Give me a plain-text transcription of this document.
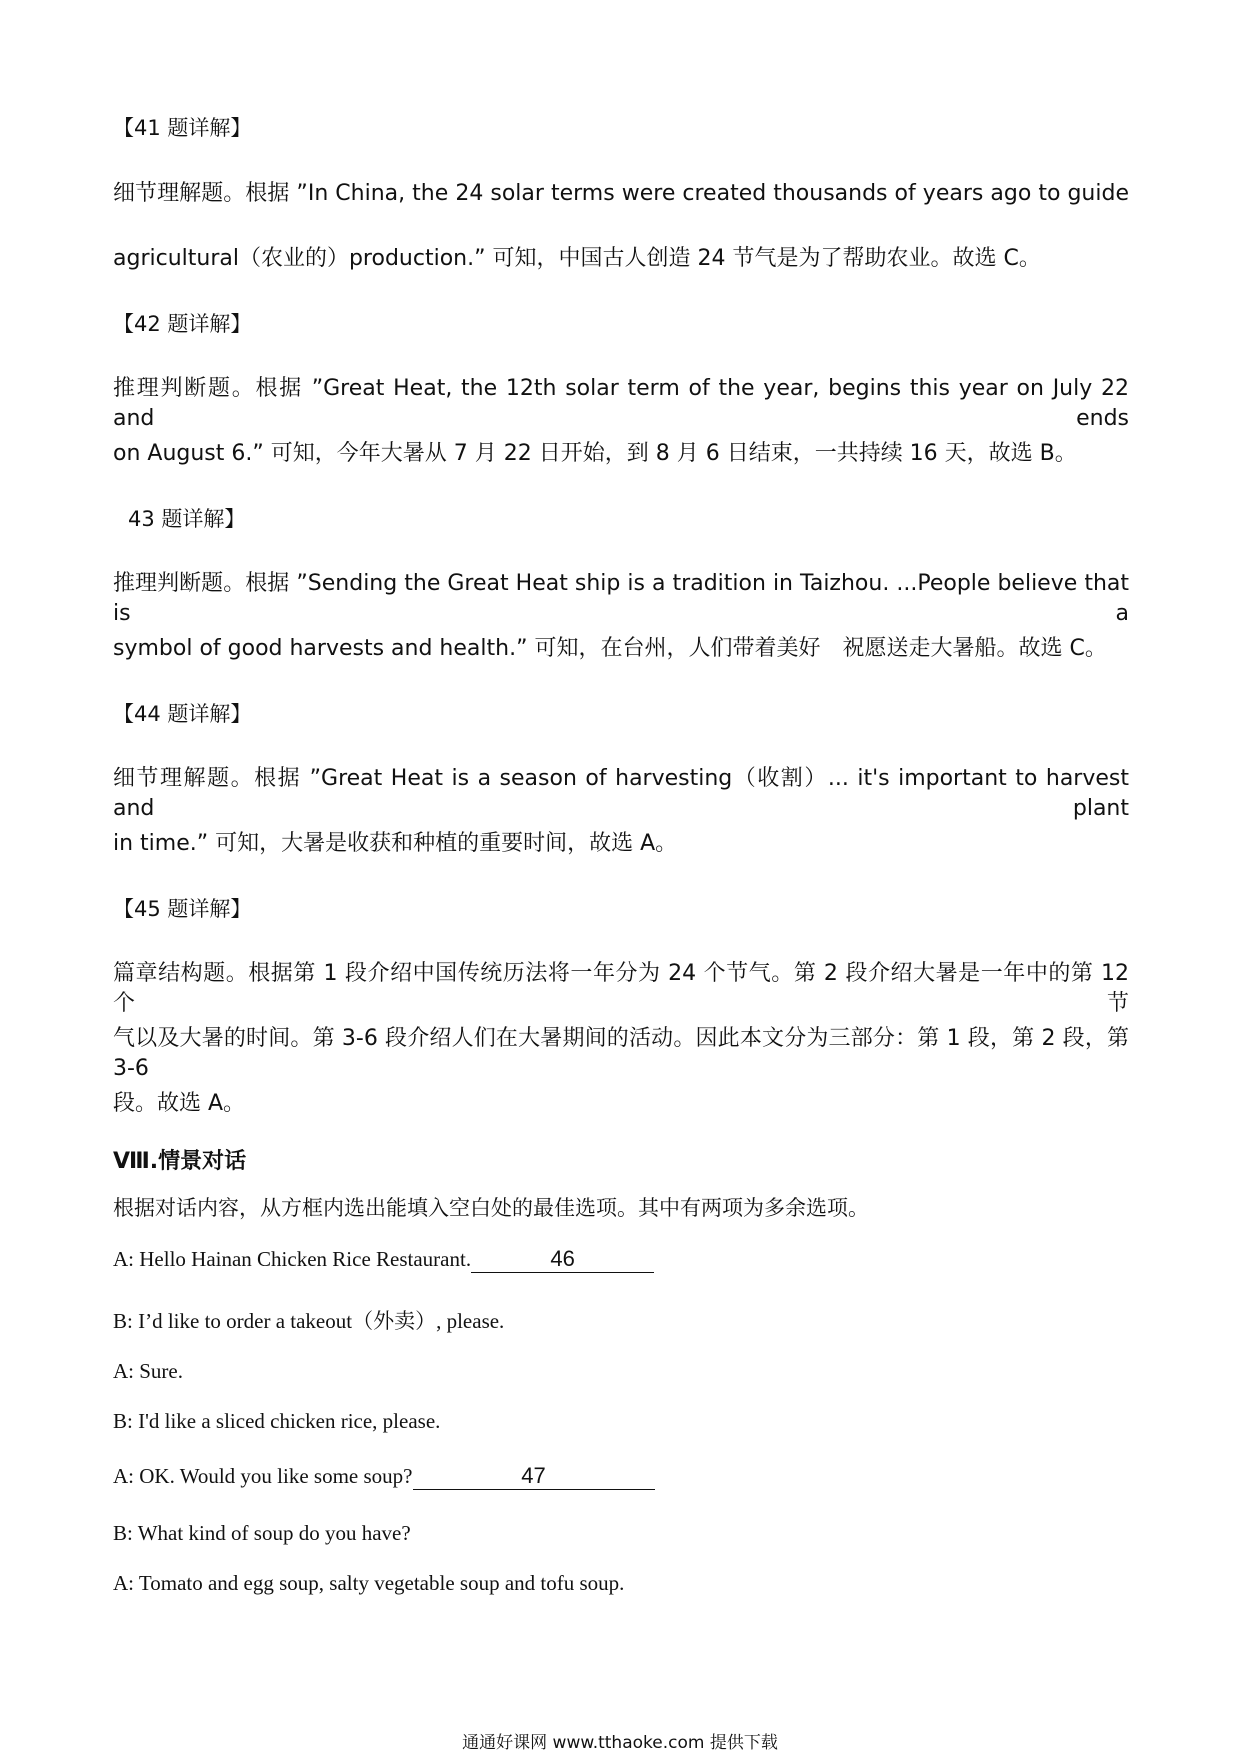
【41 题详解】
细节理解题。根据 ”In China, the 24 solar terms were created thousands of years ago to guide
agricultural（农业的）production.” 可知，中国古人创造 24 节气是为了帮助农业。故选 C。
【42 题详解】
推理判断题。根据 ”Great Heat, the 12th solar term of the year, begins this year on July 22 and ends
on August 6.” 可知，今年大暑从 7 月 22 日开始，到 8 月 6 日结束，一共持续 16 天，故选 B。
43 题详解】
推理判断题。根据 ”Sending the Great Heat ship is a tradition in Taizhou. ...People believe that is a
symbol of good harvests and health.” 可知，在台州，人们带着美好　祝愿送走大暑船。故选 C。
【44 题详解】
细节理解题。根据 ”Great Heat is a season of harvesting（收割）... it's important to harvest and plant
in time.” 可知，大暑是收获和种植的重要时间，故选 A。
【45 题详解】
篇章结构题。根据第 1 段介绍中国传统历法将一年分为 24 个节气。第 2 段介绍大暑是一年中的第 12 个节
气以及大暑的时间。第 3-6 段介绍人们在大暑期间的活动。因此本文分为三部分：第 1 段，第 2 段，第 3-6
段。故选 A。
Ⅷ.情景对话
根据对话内容，从方框内选出能填入空白处的最佳选项。其中有两项为多余选项。
A: Hello Hainan Chicken Rice Restaurant.	46
B: I’d like to order a takeout（外卖）, please.
A: Sure.
B: I'd like a sliced chicken rice, please.
A: OK. Would you like some soup?	47
B: What kind of soup do you have?
A: Tomato and egg soup, salty vegetable soup and tofu soup.
通通好课网 www.tthaoke.com 提供下载
